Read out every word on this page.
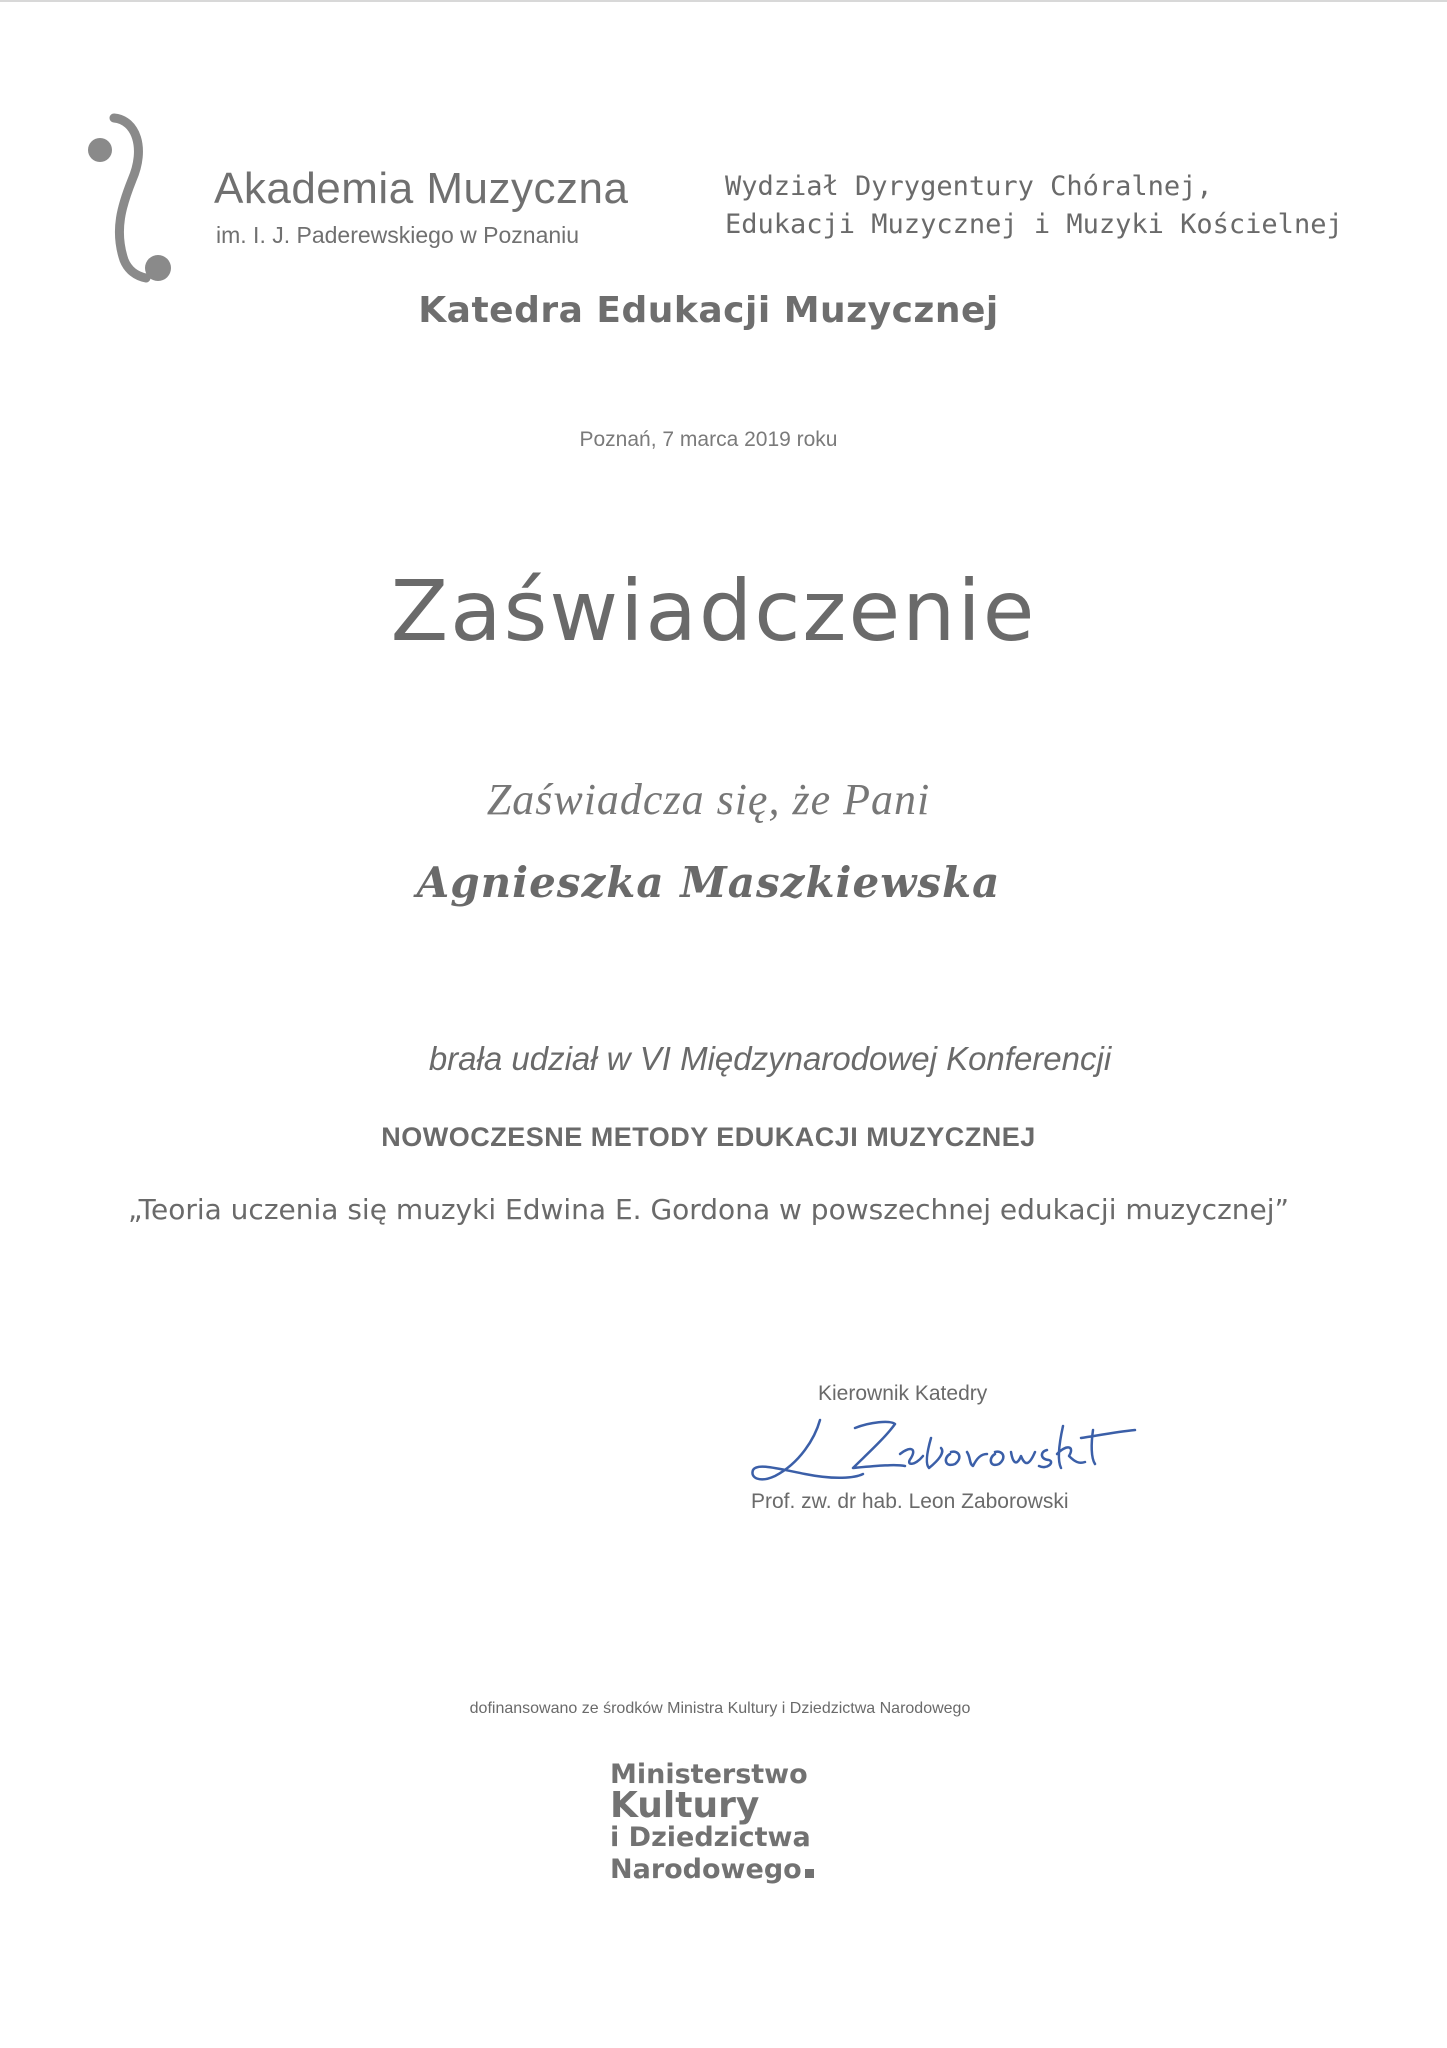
Akademia Muzyczna
im. I. J. Paderewskiego w Poznaniu
Wydział Dyrygentury Chóralnej,
Edukacji Muzycznej i Muzyki Kościelnej
Katedra Edukacji Muzycznej
Poznań, 7 marca 2019 roku
Zaświadczenie
Zaświadcza się, że Pani
Agnieszka Maszkiewska
brała udział w VI Międzynarodowej Konferencji
NOWOCZESNE METODY EDUKACJI MUZYCZNEJ
„Teoria uczenia się muzyki Edwina E. Gordona w powszechnej edukacji muzycznej”
Kierownik Katedry
Prof. zw. dr hab. Leon Zaborowski
dofinansowano ze środków Ministra Kultury i Dziedzictwa Narodowego
Ministerstwo
Kultury
i Dziedzictwa
Narodowego
